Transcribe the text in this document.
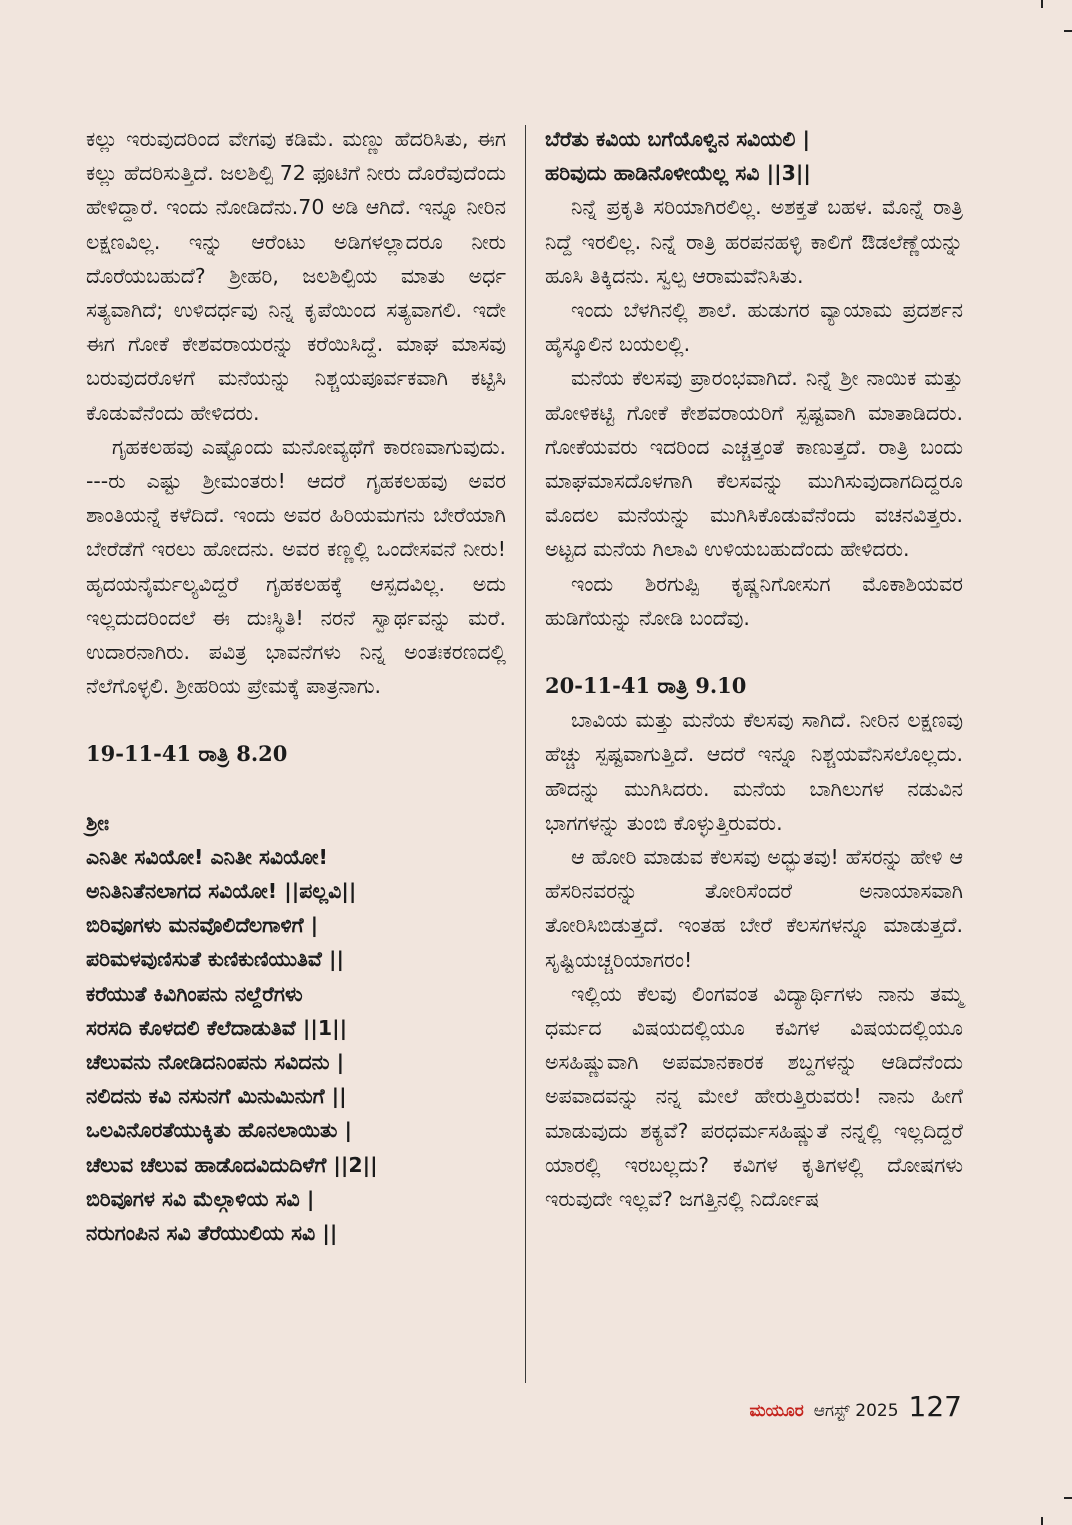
ಕಲ್ಲು ಇರುವುದರಿಂದ ವೇಗವು ಕಡಿಮೆ. ಮಣ್ಣು ಹೆದರಿಸಿತು, ಈಗ ಕಲ್ಲು ಹೆದರಿಸುತ್ತಿದೆ. ಜಲಶಿಲ್ಪಿ 72 ಫೂಟಿಗೆ ನೀರು ದೊರೆವುದೆಂದು ಹೇಳಿದ್ದಾರೆ. ಇಂದು ನೋಡಿದೆನು.70 ಅಡಿ ಆಗಿದೆ. ಇನ್ನೂ ನೀರಿನ ಲಕ್ಷಣವಿಲ್ಲ. ಇನ್ನು ಆರೆಂಟು ಅಡಿಗಳಲ್ಲಾದರೂ ನೀರು ದೊರೆಯಬಹುದೆ? ಶ್ರೀಹರಿ, ಜಲಶಿಲ್ಪಿಯ ಮಾತು ಅರ್ಧ ಸತ್ಯವಾಗಿದೆ; ಉಳಿದರ್ಧವು ನಿನ್ನ ಕೃಪೆಯಿಂದ ಸತ್ಯವಾಗಲಿ. ಇದೇ ಈಗ ಗೋಕೆ ಕೇಶವರಾಯರನ್ನು ಕರೆಯಿಸಿದ್ದೆ. ಮಾಘ ಮಾಸವು ಬರುವುದರೊಳಗೆ ಮನೆಯನ್ನು ನಿಶ್ಚಯಪೂರ್ವಕವಾಗಿ ಕಟ್ಟಿಸಿ ಕೊಡುವೆನೆಂದು ಹೇಳಿದರು.

ಗೃಹಕಲಹವು ಎಷ್ಟೊಂದು ಮನೋವ್ಯಥೆಗೆ ಕಾರಣವಾಗುವುದು. ---ರು ಎಷ್ಟು ಶ್ರೀಮಂತರು! ಆದರೆ ಗೃಹಕಲಹವು ಅವರ ಶಾಂತಿಯನ್ನೆ ಕಳೆದಿದೆ. ಇಂದು ಅವರ ಹಿರಿಯಮಗನು ಬೇರೆಯಾಗಿ ಬೇರೆಡೆಗೆ ಇರಲು ಹೋದನು. ಅವರ ಕಣ್ಣಲ್ಲಿ ಒಂದೇಸವನೆ ನೀರು! ಹೃದಯನೈರ್ಮಲ್ಯವಿದ್ದರೆ ಗೃಹಕಲಹಕ್ಕೆ ಆಸ್ಪದವಿಲ್ಲ. ಅದು ಇಲ್ಲದುದರಿಂದಲೆ ಈ ದುಃಸ್ಥಿತಿ! ನರನೆ ಸ್ವಾರ್ಥವನ್ನು ಮರೆ. ಉದಾರನಾಗಿರು. ಪವಿತ್ರ ಭಾವನೆಗಳು ನಿನ್ನ ಅಂತಃಕರಣದಲ್ಲಿ ನೆಲೆಗೊಳ್ಳಲಿ. ಶ್ರೀಹರಿಯ ಪ್ರೇಮಕ್ಕೆ ಪಾತ್ರನಾಗು.

19-11-41 ರಾತ್ರಿ 8.20

ಶ್ರೀಃ

ಎನಿತೀ ಸವಿಯೋ! ಎನಿತೀ ಸವಿಯೋ!

ಅನಿತಿನಿತೆನಲಾಗದ ಸವಿಯೋ! ||ಪಲ್ಲವಿ||

ಬಿರಿವೂಗಳು ಮನವೊಲಿದೆಲಗಾಳಿಗೆ |

ಪರಿಮಳವುಣಿಸುತೆ ಕುಣಿಕುಣಿಯುತಿವೆ ||

ಕರೆಯುತೆ ಕಿವಿಗಿಂಪನು ನಲ್ದೆರೆಗಳು

ಸರಸದಿ ಕೊಳದಲಿ ಕೆಲೆದಾಡುತಿವೆ ||1||

ಚೆಲುವನು ನೋಡಿದನಿಂಪನು ಸವಿದನು |

ನಲಿದನು ಕವಿ ನಸುನಗೆ ಮಿನುಮಿನುಗೆ ||

ಒಲವಿನೊರತೆಯುಕ್ಕಿತು ಹೊನಲಾಯಿತು |

ಚೆಲುವ ಚೆಲುವ ಹಾಡೊದವಿದುದಿಳೆಗೆ ||2||

ಬಿರಿವೂಗಳ ಸವಿ ಮೆಲ್ಗಾಳಿಯ ಸವಿ |

ನರುಗಂಪಿನ ಸವಿ ತೆರೆಯುಲಿಯ ಸವಿ ||

ಬೆರೆತು ಕವಿಯ ಬಗೆಯೊಳ್ವಿನ ಸವಿಯಲಿ |

ಹರಿವುದು ಹಾಡಿನೊಳೀಯೆಲ್ಲ ಸವಿ ||3||

ನಿನ್ನೆ ಪ್ರಕೃತಿ ಸರಿಯಾಗಿರಲಿಲ್ಲ. ಅಶಕ್ತತೆ ಬಹಳ. ಮೊನ್ನೆ ರಾತ್ರಿ ನಿದ್ದೆ ಇರಲಿಲ್ಲ. ನಿನ್ನೆ ರಾತ್ರಿ ಹರಪನಹಳ್ಳಿ ಕಾಲಿಗೆ ಔಡಲೆಣ್ಣೆಯನ್ನು ಹೂಸಿ ತಿಕ್ಕಿದನು. ಸ್ವಲ್ಪ ಆರಾಮವೆನಿಸಿತು.

ಇಂದು ಬೆಳಗಿನಲ್ಲಿ ಶಾಲೆ. ಹುಡುಗರ ವ್ಯಾಯಾಮ ಪ್ರದರ್ಶನ ಹೈಸ್ಕೂಲಿನ ಬಯಲಲ್ಲಿ.

ಮನೆಯ ಕೆಲಸವು ಪ್ರಾರಂಭವಾಗಿದೆ. ನಿನ್ನೆ ಶ್ರೀ ನಾಯಿಕ ಮತ್ತು ಹೋಳಿಕಟ್ಟಿ ಗೋಕೆ ಕೇಶವರಾಯರಿಗೆ ಸ್ಪಷ್ಟವಾಗಿ ಮಾತಾಡಿದರು. ಗೋಕೆಯವರು ಇದರಿಂದ ಎಚ್ಚತ್ತಂತೆ ಕಾಣುತ್ತದೆ. ರಾತ್ರಿ ಬಂದು ಮಾಘಮಾಸದೊಳಗಾಗಿ ಕೆಲಸವನ್ನು ಮುಗಿಸುವುದಾಗದಿದ್ದರೂ ಮೊದಲ ಮನೆಯನ್ನು ಮುಗಿಸಿಕೊಡುವೆನೆಂದು ವಚನವಿತ್ತರು. ಅಟ್ಟದ ಮನೆಯ ಗಿಲಾವಿ ಉಳಿಯಬಹುದೆಂದು ಹೇಳಿದರು.

ಇಂದು ಶಿರಗುಪ್ಪಿ ಕೃಷ್ಣನಿಗೋಸುಗ ಮೊಕಾಶಿಯವರ ಹುಡಿಗೆಯನ್ನು ನೋಡಿ ಬಂದೆವು.

20-11-41 ರಾತ್ರಿ 9.10

ಬಾವಿಯ ಮತ್ತು ಮನೆಯ ಕೆಲಸವು ಸಾಗಿದೆ. ನೀರಿನ ಲಕ್ಷಣವು ಹೆಚ್ಚು ಸ್ಪಷ್ಟವಾಗುತ್ತಿದೆ. ಆದರೆ ಇನ್ನೂ ನಿಶ್ಚಯವೆನಿಸಲೊಲ್ಲದು. ಹೌದನ್ನು ಮುಗಿಸಿದರು. ಮನೆಯ ಬಾಗಿಲುಗಳ ನಡುವಿನ ಭಾಗಗಳನ್ನು ತುಂಬಿ ಕೊಳ್ಳುತ್ತಿರುವರು.

ಆ ಹೋರಿ ಮಾಡುವ ಕೆಲಸವು ಅದ್ಭುತವು! ಹೆಸರನ್ನು ಹೇಳಿ ಆ ಹೆಸರಿನವರನ್ನು ತೋರಿಸೆಂದರೆ ಅನಾಯಾಸವಾಗಿ ತೋರಿಸಿಬಿಡುತ್ತದೆ. ಇಂತಹ ಬೇರೆ ಕೆಲಸಗಳನ್ನೂ ಮಾಡುತ್ತದೆ. ಸೃಷ್ಟಿಯಚ್ಚರಿಯಾಗರಂ!

ಇಲ್ಲಿಯ ಕೆಲವು ಲಿಂಗವಂತ ವಿದ್ಯಾರ್ಥಿಗಳು ನಾನು ತಮ್ಮ ಧರ್ಮದ ವಿಷಯದಲ್ಲಿಯೂ ಕವಿಗಳ ವಿಷಯದಲ್ಲಿಯೂ ಅಸಹಿಷ್ಣುವಾಗಿ ಅಪಮಾನಕಾರಕ ಶಬ್ದಗಳನ್ನು ಆಡಿದೆನೆಂದು ಅಪವಾದವನ್ನು ನನ್ನ ಮೇಲೆ ಹೇರುತ್ತಿರುವರು! ನಾನು ಹೀಗೆ ಮಾಡುವುದು ಶಕ್ಯವೆ? ಪರಧರ್ಮಸಹಿಷ್ಣುತೆ ನನ್ನಲ್ಲಿ ಇಲ್ಲದಿದ್ದರೆ ಯಾರಲ್ಲಿ ಇರಬಲ್ಲದು? ಕವಿಗಳ ಕೃತಿಗಳಲ್ಲಿ ದೋಷಗಳು ಇರುವುದೇ ಇಲ್ಲವೆ? ಜಗತ್ತಿನಲ್ಲಿ ನಿರ್ದೋಷ

ಮಯೂರ ಆಗಸ್ಟ್ 2025 127
